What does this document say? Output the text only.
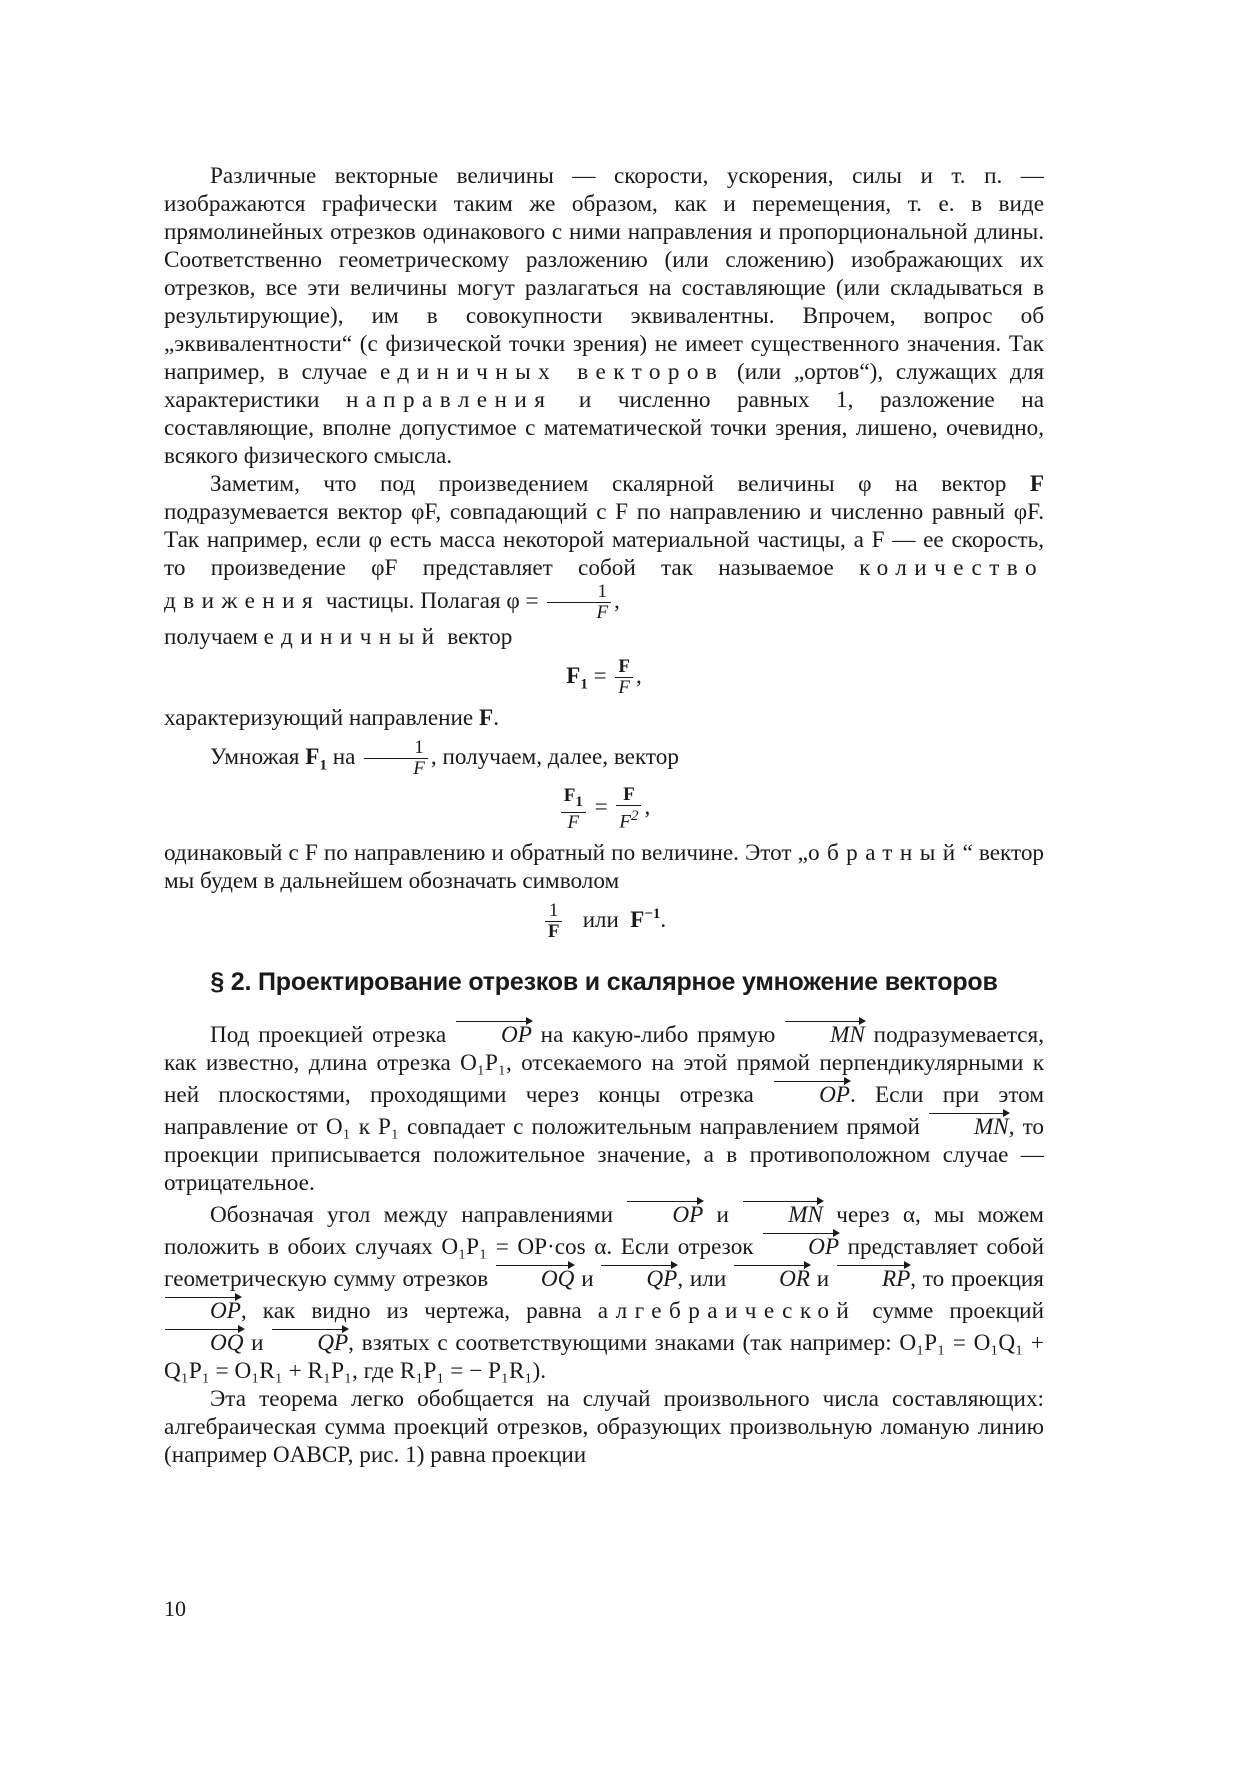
Различные векторные величины — скорости, ускорения, силы и т. п. — изображаются графически таким же образом, как и перемещения, т. е. в виде прямолинейных отрезков одинакового с ними направления и пропорциональной длины. Соответственно геометрическому разложению (или сложению) изображающих их отрезков, все эти величины могут разлагаться на составляющие (или складываться в результирующие), им в совокупности эквивалентны. Впрочем, вопрос об „эквивалентности“ (с физической точки зрения) не имеет существенного значения. Так например, в случае единичных векторов (или „ортов“), служащих для характеристики направления и численно равных 1, разложение на составляющие, вполне допустимое с математической точки зрения, лишено, очевидно, всякого физического смысла.

Заметим, что под произведением скалярной величины φ на вектор F подразумевается вектор φF, совпадающий с F по направлению и численно равный φF. Так например, если φ есть масса некоторой материальной частицы, а F — ее скорость, то произведение φF представляет собой так называемое количество движения частицы. Полагая $\varphi = \frac{1}{F}$ ,

получаем единичный вектор

$F_1 = \frac{F}{F}$ ,

характеризующий направление F.

Умножая $F_1$ на $\frac{1}{F}$ , получаем, далее, вектор

$\frac{F_1}{F} = \frac{F}{F^2}$ ,

одинаковый с F по направлению и обратный по величине. Этот „обратный“ вектор мы будем в дальнейшем обозначать символом

$\frac{1}{F}$ или $F^{-1}$.
§ 2. Проектирование отрезков и скалярное умножение векторов

Под проекцией отрезка OP на какую-либо прямую MN подразумевается, как известно, длина отрезка O₁P₁, отсекаемого на этой прямой перпендикулярными к ней плоскостями, проходящими через концы отрезка OP. Если при этом направление от O₁ к P₁ совпадает с положительным направлением прямой MN, то проекции приписывается положительное значение, а в противоположном случае — отрицательное.

Обозначая угол между направлениями OP и MN через α, мы можем положить в обоих случаях O₁P₁ = OP·cos α. Если отрезок OP представляет собой геометрическую сумму отрезков OQ и QP, или OR и RP, то проекция OP, как видно из чертежа, равна алгебраической сумме проекций OQ и QP, взятых с соответствующими знаками (так например: O₁P₁ = O₁Q₁ + Q₁P₁ = O₁R₁ + R₁P₁, где R₁P₁ = − P₁R₁).

Эта теорема легко обобщается на случай произвольного числа составляющих: алгебраическая сумма проекций отрезков, образующих произвольную ломаную линию (например OABCP, рис. 1) равна проекции

10
